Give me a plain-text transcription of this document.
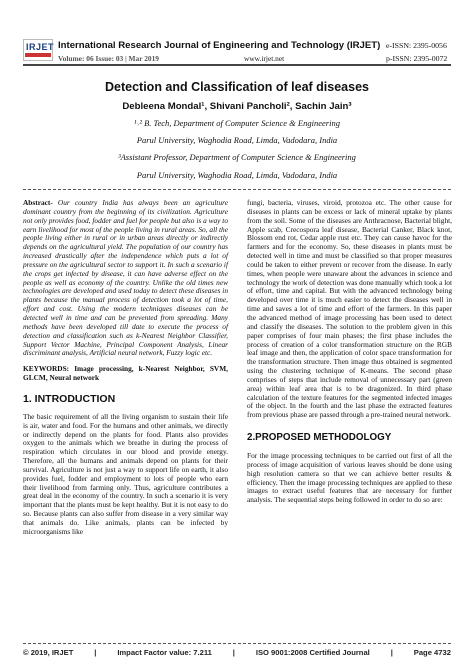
IRJET International Research Journal of Engineering and Technology (IRJET) e-ISSN: 2395-0056
Volume: 06 Issue: 03 | Mar 2019	www.irjet.net	p-ISSN: 2395-0072
Detection and Classification of leaf diseases
Debleena Mondal¹, Shivani Pancholi², Sachin Jain³
¹˒² B. Tech, Department of Computer Science & Engineering
Parul University, Waghodia Road, Limda, Vadodara, India
³Assistant Professor, Department of Computer Science & Engineering
Parul University, Waghodia Road, Limda, Vadodara, India

Abstract- Our country India has always been an agriculture dominant country from the beginning of its civilization. Agriculture not only provides food, fodder and fuel for people but also is a way to earn livelihood for most of the people living in rural areas. So, all the people living either in rural or in urban areas directly or indirectly depends on the agricultural yield. The population of our country has increased drastically after the independence which puts a lot of pressure on the agricultural sector to support it. In such a scenario if the crops get infected by disease, it can have adverse effect on the people as well as economy of the country. Unlike the old times new technologies are developed and used today to detect these diseases in plants because the manual process of detection took a lot of time, effort and cost. Using the modern techniques diseases can be detected well in time and can be prevented from spreading. Many methods have been developed till date to execute the process of detection and classification such as k-Nearest Neighbor Classifier, Support Vector Machine, Principal Component Analysis, Linear discriminant analysis, Artificial neural network, Fuzzy logic etc.

KEYWORDS: Image processing, k-Nearest Neighbor, SVM, GLCM, Neural network

1. INTRODUCTION

The basic requirement of all the living organism to sustain their life is air, water and food. For the humans and other animals, we directly or indirectly depend on the plants for food. Plants also provides oxygen to the animals which we breathe in during the process of respiration which circulates in our blood and provide energy. Therefore, all the humans and animals depend on plants for their survival. Agriculture is not just a way to support life on earth, it also provides fuel, fodder and employment to lots of people who earn their livelihood from farming only. Thus, agriculture contributes a great deal in the economy of the country. In such a scenario it is very important that the plants must be kept healthy. But it is not easy to do so. Because plants can also suffer from disease in a very similar way that animals do. Like animals, plants can be infected by microorganisms like

fungi, bacteria, viruses, viroid, protozoa etc. The other cause for diseases in plants can be excess or lack of mineral uptake by plants from the soil. Some of the diseases are Anthracnose, Bacterial blight, Apple scab, Crecospora leaf disease, Bacterial Canker, Black knot, Blossom end rot, Cedar apple rust etc. They can cause havoc for the farmers and for the economy. So, these diseases in plants must be detected well in time and must be classified so that proper measures could be taken to either prevent or recover from the disease. In early times, when people were unaware about the advances in science and technology the work of detection was done manually which took a lot of effort, time and capital. But with the advanced technology being developed over time it is much easier to detect the diseases well in time and saves a lot of time and effort of the farmers. In this paper the advanced method of image processing has been used to detect and classify the diseases. The solution to the problem given in this paper comprises of four main phases; the first phase includes the process of creation of a color transformation structure on the RGB leaf image and then, the application of color space transformation for the transformation structure. Then image thus obtained is segmented using the clustering technique of K-means. The second phase comprises of steps that include removal of unnecessary part (green area) within leaf area that is to be dragonized. In third phase calculation of the texture features for the segmented infected images of the object. In the fourth and the last phase the extracted features from previous phase are passed through a pre-trained neural network.

2.PROPOSED METHODOLOGY

For the image processing techniques to be carried out first of all the process of image acquisition of various leaves should be done using high resolution camera so that we can achieve better results & efficiency. Then the image processing techniques are applied to these images to extract useful features that are necessary for further analysis. The sequential steps being followed in order to do so are:

© 2019, IRJET	|	Impact Factor value: 7.211	|	ISO 9001:2008 Certified Journal	|	Page 4732
